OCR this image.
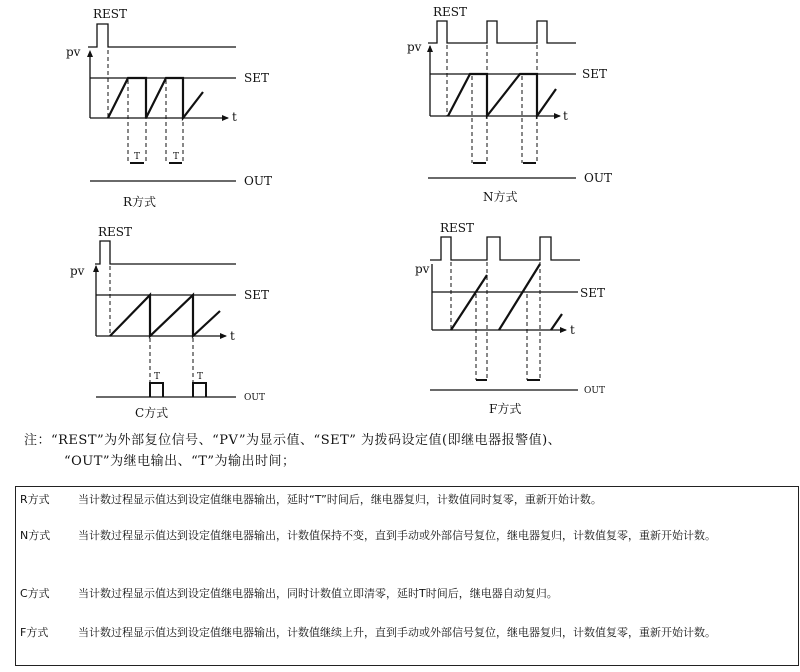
REST
pv
SET
t
T	T
OUT
R方式
REST
pv
SET
t
OUT
N方式
REST
pv
SET
t
T	T
OUT
C方式
REST
pv
SET
t
OUT
F方式
注：“REST”为外部复位信号、“PV”为显示值、“SET” 为拨码设定值(即继电器报警值)、
“OUT”为继电输出、“T”为输出时间；
R方式	当计数过程显示值达到设定值继电器输出，延时“T”时间后，继电器复归，计数值同时复零，重新开始计数。
N方式	当计数过程显示值达到设定值继电器输出，计数值保持不变，直到手动或外部信号复位，继电器复归，计数值复零，重新开始计数。
C方式	当计数过程显示值达到设定值继电器输出，同时计数值立即清零，延时T时间后，继电器自动复归。
F方式	当计数过程显示值达到设定值继电器输出，计数值继续上升，直到手动或外部信号复位，继电器复归，计数值复零，重新开始计数。
